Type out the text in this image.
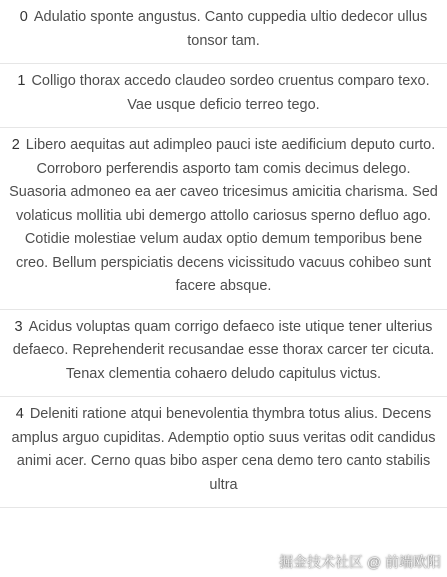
0 Adulatio sponte angustus. Canto cuppedia ultio dedecor ullus tonsor tam.
1 Colligo thorax accedo claudeo sordeo cruentus comparo texo. Vae usque deficio terreo tego.
2 Libero aequitas aut adimpleo pauci iste aedificium deputo curto. Corroboro perferendis asporto tam comis decimus delego. Suasoria admoneo ea aer caveo tricesimus amicitia charisma. Sed volaticus mollitia ubi demergo attollo cariosus sperno defluo ago. Cotidie molestiae velum audax optio demum temporibus bene creo. Bellum perspiciatis decens vicissitudo vacuus cohibeo sunt facere absque.
3 Acidus voluptas quam corrigo defaeco iste utique tener ulterius defaeco. Reprehenderit recusandae esse thorax carcer ter cicuta. Tenax clementia cohaero deludo capitulus victus.
4 Deleniti ratione atqui benevolentia thymbra totus alius. Decens amplus arguo cupiditas. Ademptio optio suus veritas odit candidus animi acer. Cerno quas bibo asper cena demo tero canto stabilis ultra
掘金技术社区 @ 前端欧阳
